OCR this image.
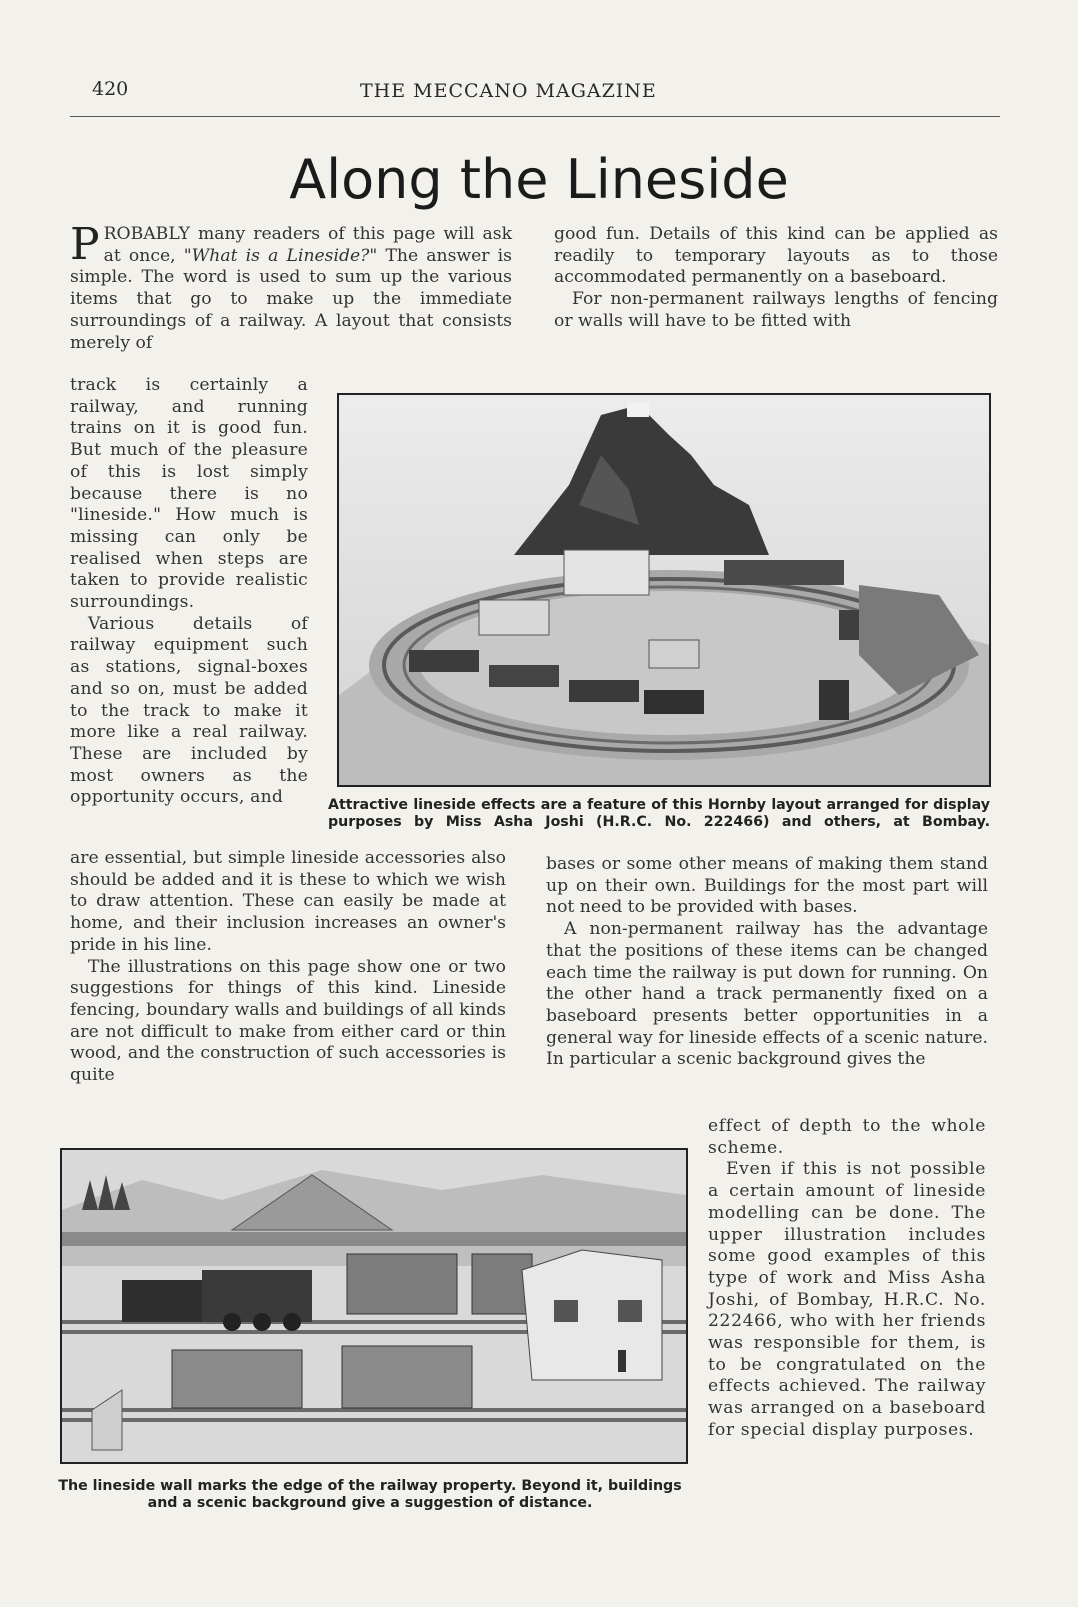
420	THE MECCANO MAGAZINE
Along the Lineside

PROBABLY many readers of this page will ask at once, "What is a Lineside?" The answer is simple. The word is used to sum up the various items that go to make up the immediate surroundings of a railway. A layout that consists merely of

track is certainly a railway, and running trains on it is good fun. But much of the pleasure of this is lost simply because there is no "lineside." How much is missing can only be realised when steps are taken to provide realistic surroundings.

Various details of railway equipment such as stations, signal-boxes and so on, must be added to the track to make it more like a real railway. These are included by most owners as the opportunity occurs, and

are essential, but simple lineside accessories also should be added and it is these to which we wish to draw attention. These can easily be made at home, and their inclusion increases an owner's pride in his line.

The illustrations on this page show one or two suggestions for things of this kind. Lineside fencing, boundary walls and buildings of all kinds are not difficult to make from either card or thin wood, and the construction of such accessories is quite

good fun. Details of this kind can be applied as readily to temporary layouts as to those accommodated permanently on a baseboard.

For non-permanent railways lengths of fencing or walls will have to be fitted with

bases or some other means of making them stand up on their own. Buildings for the most part will not need to be provided with bases.

A non-permanent railway has the advantage that the positions of these items can be changed each time the railway is put down for running. On the other hand a track permanently fixed on a baseboard presents better opportunities in a general way for lineside effects of a scenic nature. In particular a scenic background gives the

effect of depth to the whole scheme.

Even if this is not possible a certain amount of lineside modelling can be done. The upper illustration includes some good examples of this type of work and Miss Asha Joshi, of Bombay, H.R.C. No. 222466, who with her friends was responsible for them, is to be congratulated on the effects achieved. The railway was arranged on a baseboard for special display purposes.

Attractive lineside effects are a feature of this Hornby layout arranged for display purposes by Miss Asha Joshi (H.R.C. No. 222466) and others, at Bombay.
The lineside wall marks the edge of the railway property. Beyond it, buildings
and a scenic background give a suggestion of distance.
